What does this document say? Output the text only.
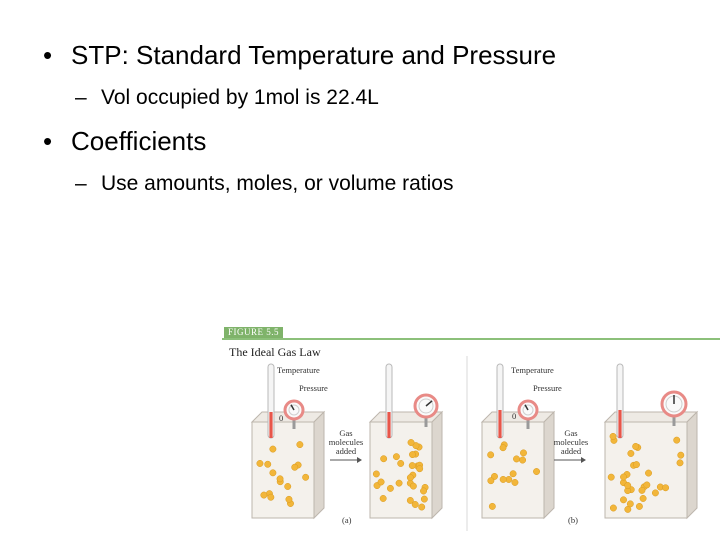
• STP: Standard Temperature and Pressure
– Vol occupied by 1mol is 22.4L
• Coefficients
– Use amounts, moles, or volume ratios
FIGURE 5.5
The Ideal Gas Law
Temperature
Pressure
0
Gas
molecules
added
(a)
Temperature
Pressure
0
Gas
molecules
added
(b)
